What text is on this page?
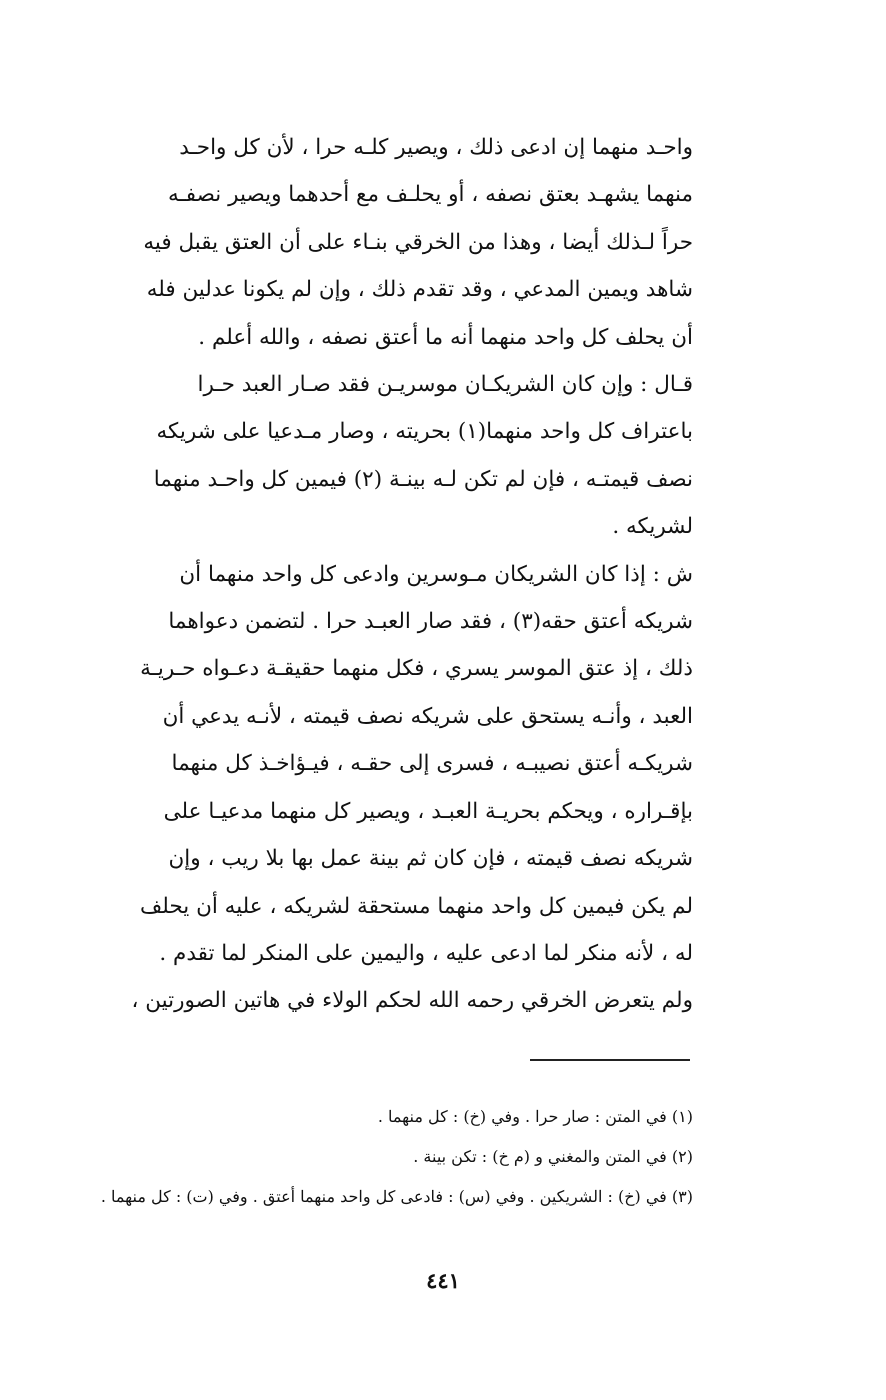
واحـد منهما إن ادعى ذلك ، ويصير كلـه حرا ، لأن كل واحـد
منهما يشهـد بعتق نصفه ، أو يحلـف مع أحدهما ويصير نصفـه
حراً لـذلك أيضا ، وهذا من الخرقي بنـاء على أن العتق يقبل فيه
شاهد ويمين المدعي ، وقد تقدم ذلك ، وإن لم يكونا عدلين فله
أن يحلف كل واحد منهما أنه ما أعتق نصفه ، والله أعلم .
قـال : وإن كان الشريكـان موسريـن فقد صـار العبد حـرا
باعتراف كل واحد منهما(١) بحريته ، وصار مـدعيا على شريكه
نصف قيمتـه ، فإن لم تكن لـه بينـة (٢) فيمين كل واحـد منهما
لشريكه .
ش : إذا كان الشريكان مـوسرين وادعى كل واحد منهما أن
شريكه أعتق حقه(٣) ، فقد صار العبـد حرا . لتضمن دعواهما
ذلك ، إذ عتق الموسر يسري ، فكل منهما حقيقـة دعـواه حـريـة
العبد ، وأنـه يستحق على شريكه نصف قيمته ، لأنـه يدعي أن
شريكـه أعتق نصيبـه ، فسرى إلى حقـه ، فيـؤاخـذ كل منهما
بإقـراره ، ويحكم بحريـة العبـد ، ويصير كل منهما مدعيـا على
شريكه نصف قيمته ، فإن كان ثم بينة عمل بها بلا ريب ، وإن
لم يكن فيمين كل واحد منهما مستحقة لشريكه ، عليه أن يحلف
له ، لأنه منكر لما ادعى عليه ، واليمين على المنكر لما تقدم .
ولم يتعرض الخرقي رحمه الله لحكم الولاء في هاتين الصورتين ،
(١) في المتن : صار حرا . وفي (خ) : كل منهما .
(٢) في المتن والمغني و (م خ) : تكن بينة .
(٣) في (خ) : الشريكين . وفي (س) : فادعى كل واحد منهما أعتق . وفي (ت) : كل منهما .
٤٤١
